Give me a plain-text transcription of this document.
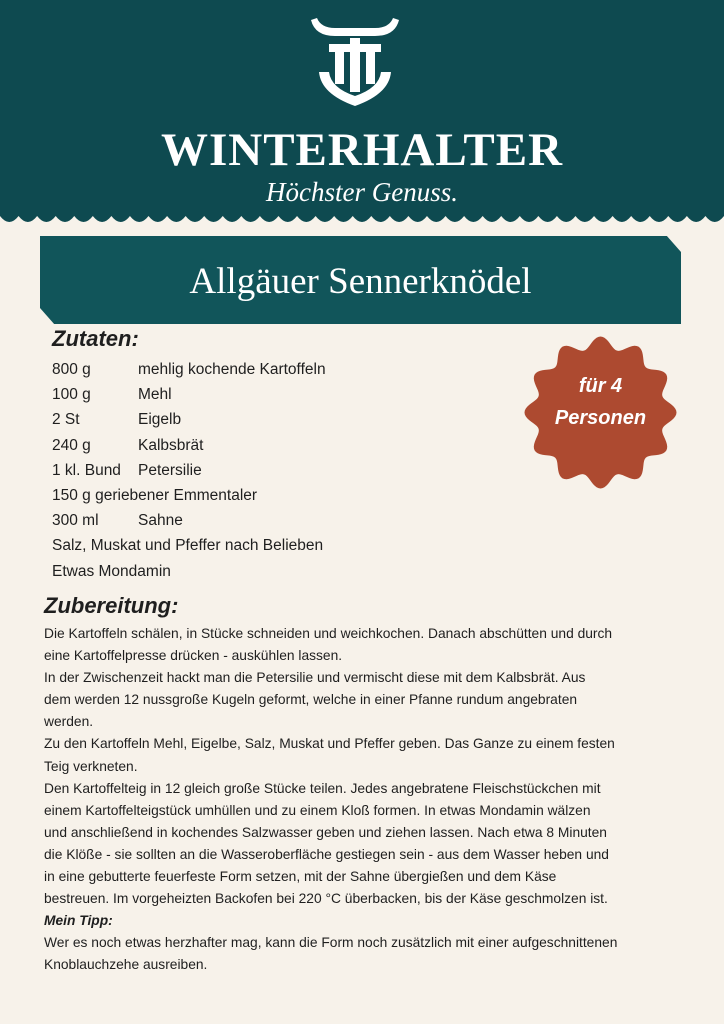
WINTERHALTER
Höchster Genuss.
Allgäuer Sennerknödel
Zutaten:
800 g	mehlig kochende Kartoffeln
100 g	Mehl
2 St	Eigelb
240 g	Kalbsbrät
1 kl. Bund Petersilie
150 g geriebener Emmentaler
300 ml	Sahne
Salz, Muskat und Pfeffer nach Belieben
Etwas Mondamin
für 4
Personen
Zubereitung:
Die Kartoffeln schälen, in Stücke schneiden und weichkochen. Danach abschütten und durch
eine Kartoffelpresse drücken - auskühlen lassen.
In der Zwischenzeit hackt man die Petersilie und vermischt diese mit dem Kalbsbrät. Aus
dem werden 12 nussgroße Kugeln geformt, welche in einer Pfanne rundum angebraten
werden.
Zu den Kartoffeln Mehl, Eigelbe, Salz, Muskat und Pfeffer geben. Das Ganze zu einem festen
Teig verkneten.
Den Kartoffelteig in 12 gleich große Stücke teilen. Jedes angebratene Fleischstückchen mit
einem Kartoffelteigstück umhüllen und zu einem Kloß formen. In etwas Mondamin wälzen
und anschließend in kochendes Salzwasser geben und ziehen lassen. Nach etwa 8 Minuten
die Klöße - sie sollten an die Wasseroberfläche gestiegen sein - aus dem Wasser heben und
in eine gebutterte feuerfeste Form setzen, mit der Sahne übergießen und dem Käse
bestreuen. Im vorgeheizten Backofen bei 220 °C überbacken, bis der Käse geschmolzen ist.
Mein Tipp:
Wer es noch etwas herzhafter mag, kann die Form noch zusätzlich mit einer aufgeschnittenen
Knoblauchzehe ausreiben.
